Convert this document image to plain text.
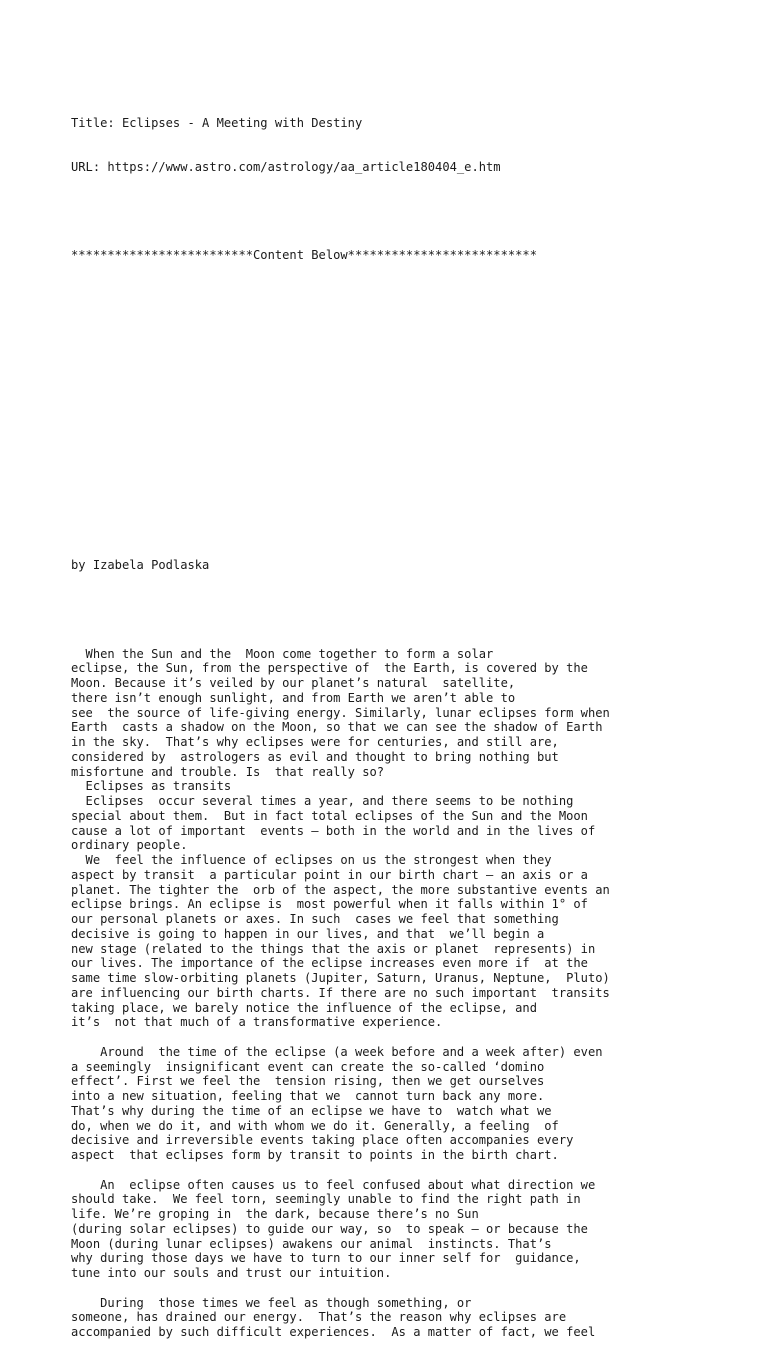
Title: Eclipses - A Meeting with Destiny

URL: https://www.astro.com/astrology/aa_article180404_e.htm

*************************Content Below**************************

by Izabela Podlaska

When the Sun and the  Moon come together to form a solar
eclipse, the Sun, from the perspective of  the Earth, is covered by the
Moon. Because it’s veiled by our planet’s natural  satellite,
there isn’t enough sunlight, and from Earth we aren’t able to
see  the source of life-giving energy. Similarly, lunar eclipses form when
Earth  casts a shadow on the Moon, so that we can see the shadow of Earth
in the sky.  That’s why eclipses were for centuries, and still are,
considered by  astrologers as evil and thought to bring nothing but
misfortune and trouble. Is  that really so?
Eclipses as transits
Eclipses  occur several times a year, and there seems to be nothing
special about them.  But in fact total eclipses of the Sun and the Moon
cause a lot of important  events – both in the world and in the lives of
ordinary people.
We  feel the influence of eclipses on us the strongest when they
aspect by transit  a particular point in our birth chart – an axis or a
planet. The tighter the  orb of the aspect, the more substantive events an
eclipse brings. An eclipse is  most powerful when it falls within 1° of
our personal planets or axes. In such  cases we feel that something
decisive is going to happen in our lives, and that  we’ll begin a
new stage (related to the things that the axis or planet  represents) in
our lives. The importance of the eclipse increases even more if  at the
same time slow-orbiting planets (Jupiter, Saturn, Uranus, Neptune,  Pluto)
are influencing our birth charts. If there are no such important  transits
taking place, we barely notice the influence of the eclipse, and
it’s  not that much of a transformative experience.
Around  the time of the eclipse (a week before and a week after) even
a seemingly  insignificant event can create the so-called ‘domino
effect’. First we feel the  tension rising, then we get ourselves
into a new situation, feeling that we  cannot turn back any more.
That’s why during the time of an eclipse we have to  watch what we
do, when we do it, and with whom we do it. Generally, a feeling  of
decisive and irreversible events taking place often accompanies every
aspect  that eclipses form by transit to points in the birth chart.
An  eclipse often causes us to feel confused about what direction we
should take.  We feel torn, seemingly unable to find the right path in
life. We’re groping in  the dark, because there’s no Sun
(during solar eclipses) to guide our way, so  to speak – or because the
Moon (during lunar eclipses) awakens our animal  instincts. That’s
why during those days we have to turn to our inner self for  guidance,
tune into our souls and trust our intuition.
During  those times we feel as though something, or
someone, has drained our energy.  That’s the reason why eclipses are
accompanied by such difficult experiences.  As a matter of fact, we feel
